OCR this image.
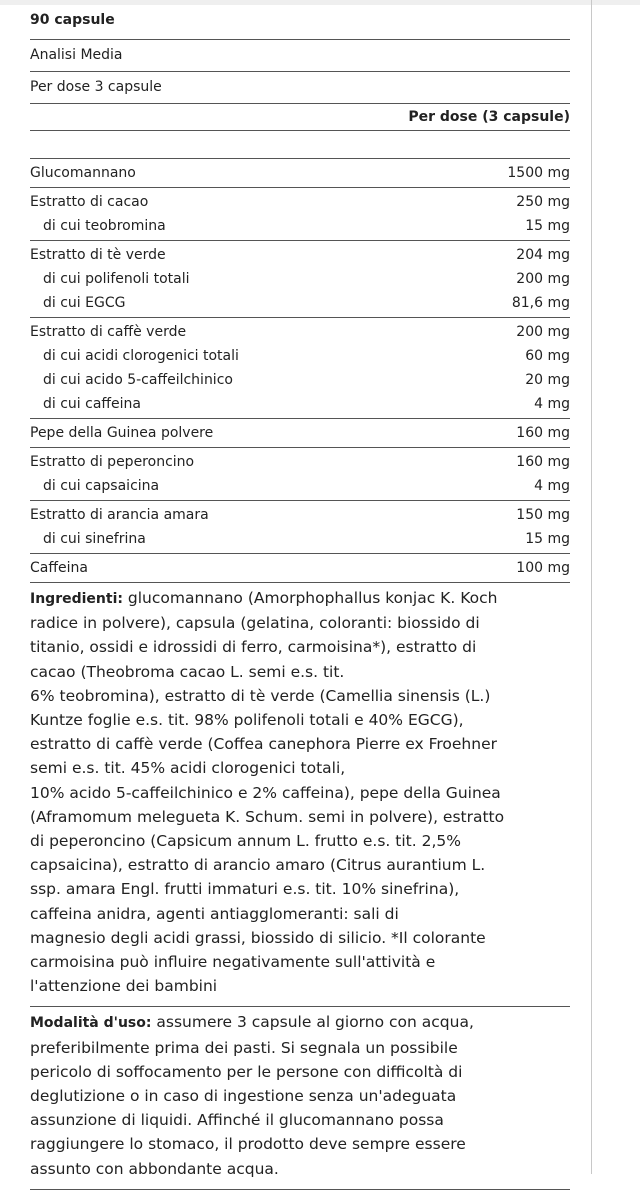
90 capsule
Analisi Media
Per dose 3 capsule
Per dose (3 capsule)
Glucomannano	1500 mg
Estratto di cacao	250 mg
di cui teobromina	15 mg
Estratto di tè verde	204 mg
di cui polifenoli totali	200 mg
di cui EGCG	81,6 mg
Estratto di caffè verde	200 mg
di cui acidi clorogenici totali	60 mg
di cui acido 5-caffeilchinico	20 mg
di cui caffeina	4 mg
Pepe della Guinea polvere	160 mg
Estratto di peperoncino	160 mg
di cui capsaicina	4 mg
Estratto di arancia amara	150 mg
di cui sinefrina	15 mg
Caffeina	100 mg
Ingredienti: glucomannano (Amorphophallus konjac K. Koch
radice in polvere), capsula (gelatina, coloranti: biossido di
titanio, ossidi e idrossidi di ferro, carmoisina*), estratto di
cacao (Theobroma cacao L. semi e.s. tit.
6% teobromina), estratto di tè verde (Camellia sinensis (L.)
Kuntze foglie e.s. tit. 98% polifenoli totali e 40% EGCG),
estratto di caffè verde (Coffea canephora Pierre ex Froehner
semi e.s. tit. 45% acidi clorogenici totali,
10% acido 5-caffeilchinico e 2% caffeina), pepe della Guinea
(Aframomum melegueta K. Schum. semi in polvere), estratto
di peperoncino (Capsicum annum L. frutto e.s. tit. 2,5%
capsaicina), estratto di arancio amaro (Citrus aurantium L.
ssp. amara Engl. frutti immaturi e.s. tit. 10% sinefrina),
caffeina anidra, agenti antiagglomeranti: sali di
magnesio degli acidi grassi, biossido di silicio. *Il colorante
carmoisina può influire negativamente sull'attività e
l'attenzione dei bambini
Modalità d'uso: assumere 3 capsule al giorno con acqua,
preferibilmente prima dei pasti. Si segnala un possibile
pericolo di soffocamento per le persone con difficoltà di
deglutizione o in caso di ingestione senza un'adeguata
assunzione di liquidi. Affinché il glucomannano possa
raggiungere lo stomaco, il prodotto deve sempre essere
assunto con abbondante acqua.
